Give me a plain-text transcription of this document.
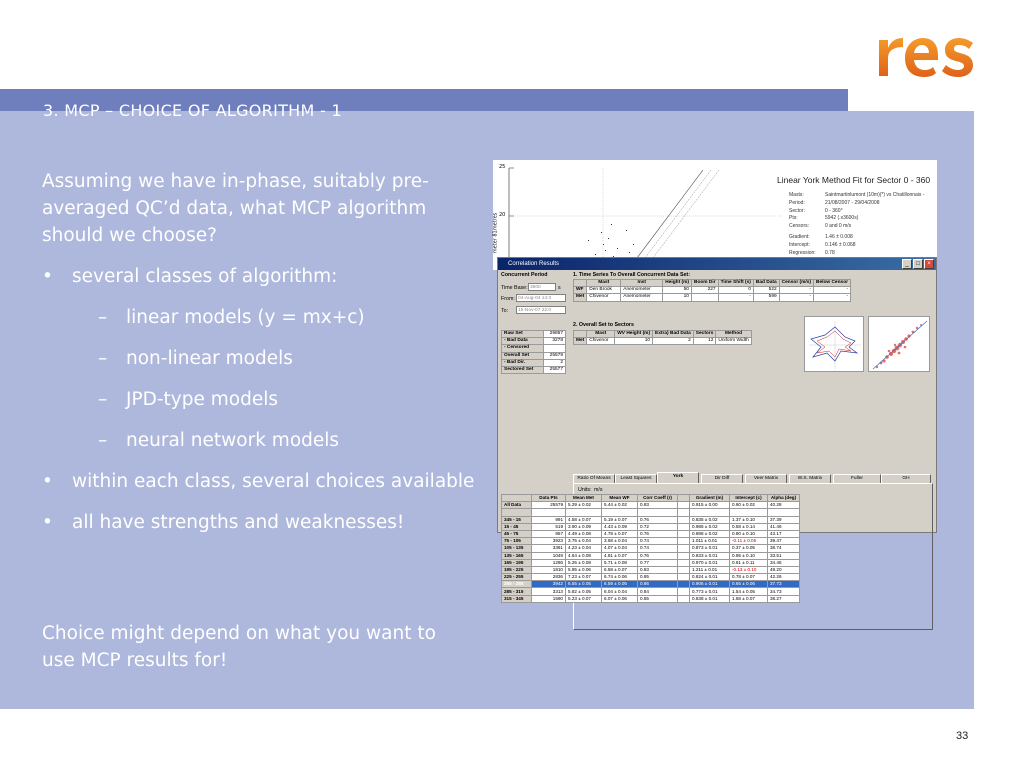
3. MCP – CHOICE OF ALGORITHM - 1
Assuming we have in-phase, suitably pre-averaged QC’d data, what MCP algorithm should we choose?
• several classes of algorithm:
– linear models (y = mx+c)
– non-linear models
– JPD-type models
– neural network models
• within each class, several choices available
• all have strengths and weaknesses!
Choice might depend on what you want to use MCP results for!
33
25
20
meter 81metres
Linear York Method Fit for Sector 0 - 360
Masts:	Saintmartinlumont (10m)(*) vs Chatillonnais -
Period:	21/08/2007 - 29/04/2008
Sector:	0 - 360°
Pts:	5942 (.x3600s)
Censors:	0 and 0 m/s
Gradient:	1.46 ± 0.008
Intercept:	0.146 ± 0.068
Regression: 0.78
Correlation Results	_	□	×
Concurrent Period
Time Base: 3600	s
From: 04-Aug-04 14:3
To:	15-Nov-07 22:0
1. Time Series To Overall Concurrent Data Set:
	Mast	Inst	Height (m)	Boom Dir	Time Shift (s)	Bad Data	Censor (m/s)	Below Censor
WF	Den Brook	Anemometer	50	227	0	522	-	-
Met	Chivenor	Anemometer	10		-	599	-	-
Raw Set	29857
- Bad Data	3278
- Censored	
Overall Set	25579
- Bad Dir.	2
Sectored Set	25577
2. Overall Set to Sectors
	Mast	WV Height (m)	Extra) Bad Data	Sectors	Method
Met	Chivenor	10	2	12	Uniform Width
Ratio Of Means	Least Squares	York	Dir Diff	Veer Matrix	W.S. Matrix	Fuller	GH
Units: m/s
	Data Pts	Mean Met	Mean WF	Corr Coeff (r)		Gradient (m)	Intercept (c)	Alpha (deg)
All Data	25579	5.29 ± 0.02	5.44 ± 0.02	0.83		0.915 ± 0.00	0.60 ± 0.02	40.28

345 - 15	991	4.58 ± 0.07	5.19 ± 0.07	0.76		0.835 ± 0.02	1.37 ± 0.10	37.39
15 - 45	519	3.90 ± 0.09	4.43 ± 0.09	0.72		0.986 ± 0.02	0.58 ± 0.14	41.46
45 - 75	957	4.49 ± 0.08	4.78 ± 0.07	0.76		0.888 ± 0.02	0.80 ± 0.10	43.17
75 - 105	3923	3.75 ± 0.04	3.68 ± 0.04	0.74		1.011 ± 0.01	-0.11 ± 0.05	39.47
105 - 135	3361	4.23 ± 0.04	4.07 ± 0.04	0.74		0.873 ± 0.01	0.37 ± 0.05	38.74
135 - 165	1049	4.64 ± 0.08	4.81 ± 0.07	0.76		0.833 ± 0.01	0.95 ± 0.10	33.51
165 - 195	1286	5.25 ± 0.08	5.71 ± 0.08	0.77		0.970 ± 0.01	0.61 ± 0.11	34.46
195 - 225	1810	5.95 ± 0.06	6.58 ± 0.07	0.83		1.211 ± 0.01	-0.13 ± 0.10	48.20
225 - 255	2836	7.23 ± 0.07	6.74 ± 0.06	0.85		0.824 ± 0.01	0.78 ± 0.07	42.26
255 - 285	3942	6.55 ± 0.05	6.59 ± 0.05	0.86		0.906 ± 0.01	0.65 ± 0.06	37.73
285 - 315	3313	5.82 ± 0.05	6.04 ± 0.04	0.84		0.773 ± 0.01	1.54 ± 0.05	34.73
315 - 345	1590	5.23 ± 0.07	6.07 ± 0.06	0.85		0.838 ± 0.01	1.68 ± 0.07	38.27
